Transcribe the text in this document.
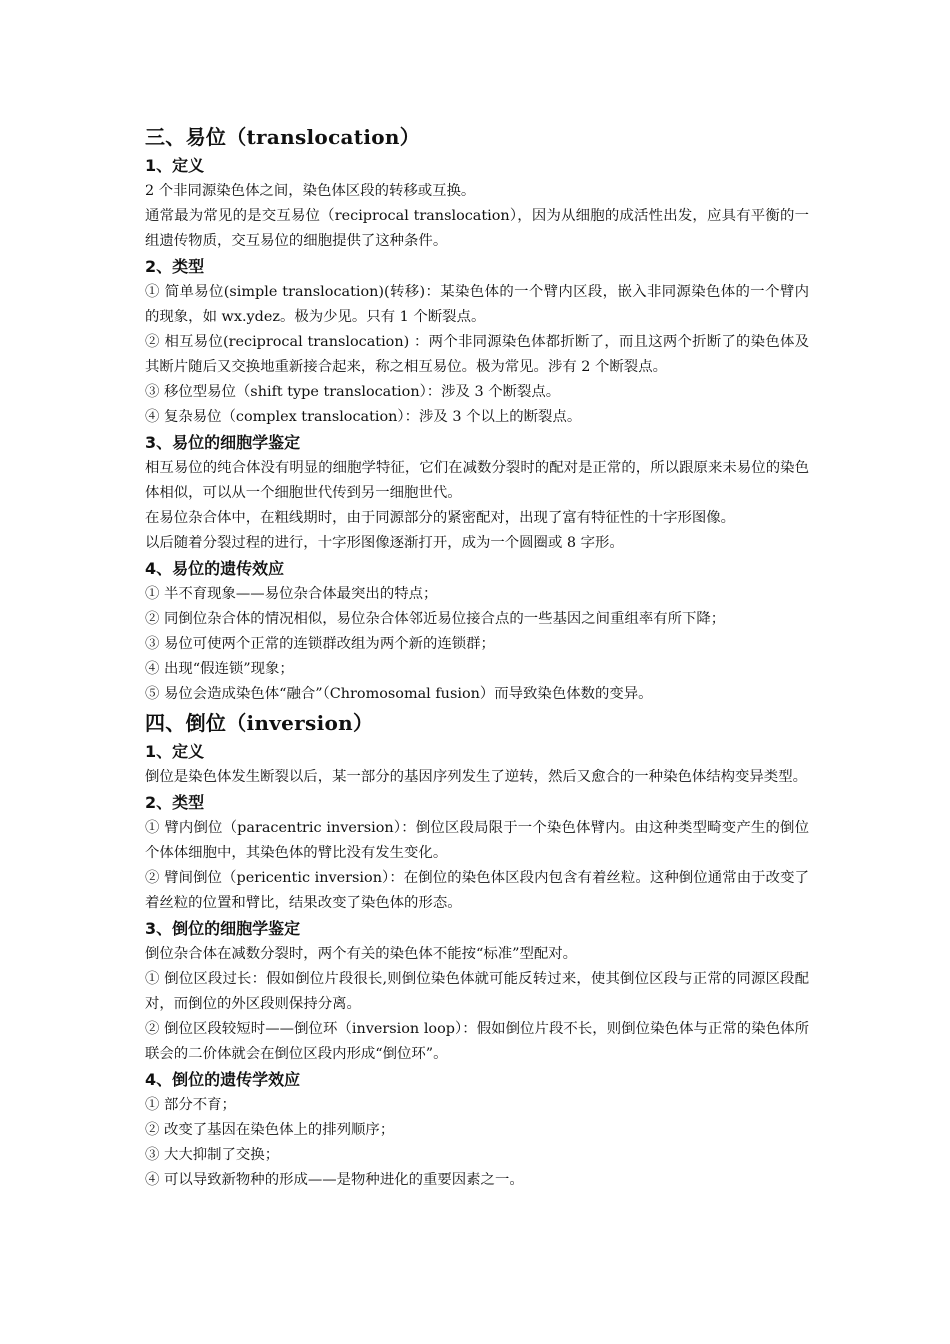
三、易位（translocation）
1、定义

2 个非同源染色体之间，染色体区段的转移或互换。

通常最为常见的是交互易位（reciprocal translocation），因为从细胞的成活性出发，应具有平衡的一组遗传物质，交互易位的细胞提供了这种条件。

2、类型

① 简单易位(simple translocation)(转移)：某染色体的一个臂内区段，嵌入非同源染色体的一个臂内的现象，如 wx.ydez。极为少见。只有 1 个断裂点。

② 相互易位(reciprocal translocation) ：两个非同源染色体都折断了，而且这两个折断了的染色体及其断片随后又交换地重新接合起来，称之相互易位。极为常见。涉有 2 个断裂点。

③ 移位型易位（shift type translocation）：涉及 3 个断裂点。

④ 复杂易位（complex translocation）：涉及 3 个以上的断裂点。

3、易位的细胞学鉴定

相互易位的纯合体没有明显的细胞学特征，它们在减数分裂时的配对是正常的，所以跟原来未易位的染色体相似，可以从一个细胞世代传到另一细胞世代。

在易位杂合体中，在粗线期时，由于同源部分的紧密配对，出现了富有特征性的十字形图像。

以后随着分裂过程的进行，十字形图像逐渐打开，成为一个圆圈或 8 字形。

4、易位的遗传效应

① 半不育现象——易位杂合体最突出的特点；

② 同倒位杂合体的情况相似，易位杂合体邻近易位接合点的一些基因之间重组率有所下降；

③ 易位可使两个正常的连锁群改组为两个新的连锁群；

④ 出现“假连锁”现象；

⑤ 易位会造成染色体“融合”（Chromosomal fusion）而导致染色体数的变异。

四、倒位（inversion）
1、定义

倒位是染色体发生断裂以后，某一部分的基因序列发生了逆转，然后又愈合的一种染色体结构变异类型。

2、类型

① 臂内倒位（paracentric inversion）：倒位区段局限于一个染色体臂内。由这种类型畸变产生的倒位个体体细胞中，其染色体的臂比没有发生变化。

② 臂间倒位（pericentic inversion）：在倒位的染色体区段内包含有着丝粒。这种倒位通常由于改变了着丝粒的位置和臂比，结果改变了染色体的形态。

3、倒位的细胞学鉴定

倒位杂合体在减数分裂时，两个有关的染色体不能按“标准”型配对。

① 倒位区段过长：假如倒位片段很长,则倒位染色体就可能反转过来，使其倒位区段与正常的同源区段配对，而倒位的外区段则保持分离。

② 倒位区段较短时——倒位环（inversion loop）：假如倒位片段不长，则倒位染色体与正常的染色体所联会的二价体就会在倒位区段内形成“倒位环”。

4、倒位的遗传学效应

① 部分不育；

② 改变了基因在染色体上的排列顺序；

③ 大大抑制了交换；

④ 可以导致新物种的形成——是物种进化的重要因素之一。
